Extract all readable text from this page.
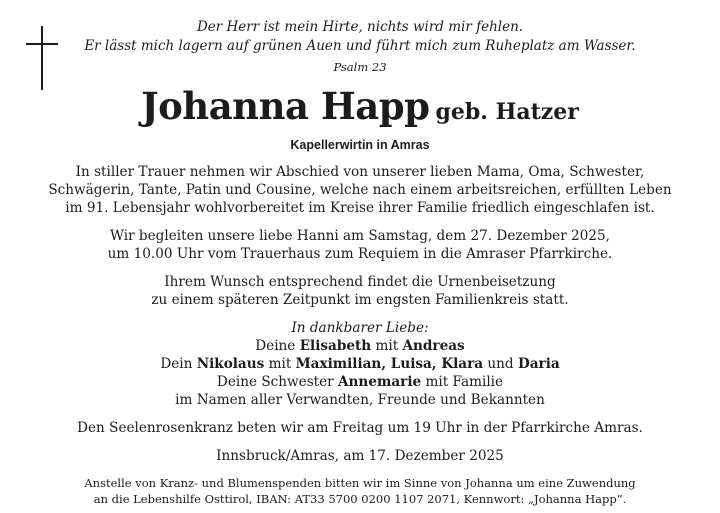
Der Herr ist mein Hirte, nichts wird mir fehlen.
Er lässt mich lagern auf grünen Auen und führt mich zum Ruheplatz am Wasser.
Psalm 23
Johanna Happ geb. Hatzer
Kapellerwirtin in Amras
In stiller Trauer nehmen wir Abschied von unserer lieben Mama, Oma, Schwester,
Schwägerin, Tante, Patin und Cousine, welche nach einem arbeitsreichen, erfüllten Leben
im 91. Lebensjahr wohlvorbereitet im Kreise ihrer Familie friedlich eingeschlafen ist.
Wir begleiten unsere liebe Hanni am Samstag, dem 27. Dezember 2025,
um 10.00 Uhr vom Trauerhaus zum Requiem in die Amraser Pfarrkirche.
Ihrem Wunsch entsprechend findet die Urnenbeisetzung
zu einem späteren Zeitpunkt im engsten Familienkreis statt.
In dankbarer Liebe:
Deine Elisabeth mit Andreas
Dein Nikolaus mit Maximilian, Luisa, Klara und Daria
Deine Schwester Annemarie mit Familie
im Namen aller Verwandten, Freunde und Bekannten
Den Seelenrosenkranz beten wir am Freitag um 19 Uhr in der Pfarrkirche Amras.
Innsbruck/Amras, am 17. Dezember 2025
Anstelle von Kranz- und Blumenspenden bitten wir im Sinne von Johanna um eine Zuwendung
an die Lebenshilfe Osttirol, IBAN: AT33 5700 0200 1107 2071, Kennwort: „Johanna Happ“.
